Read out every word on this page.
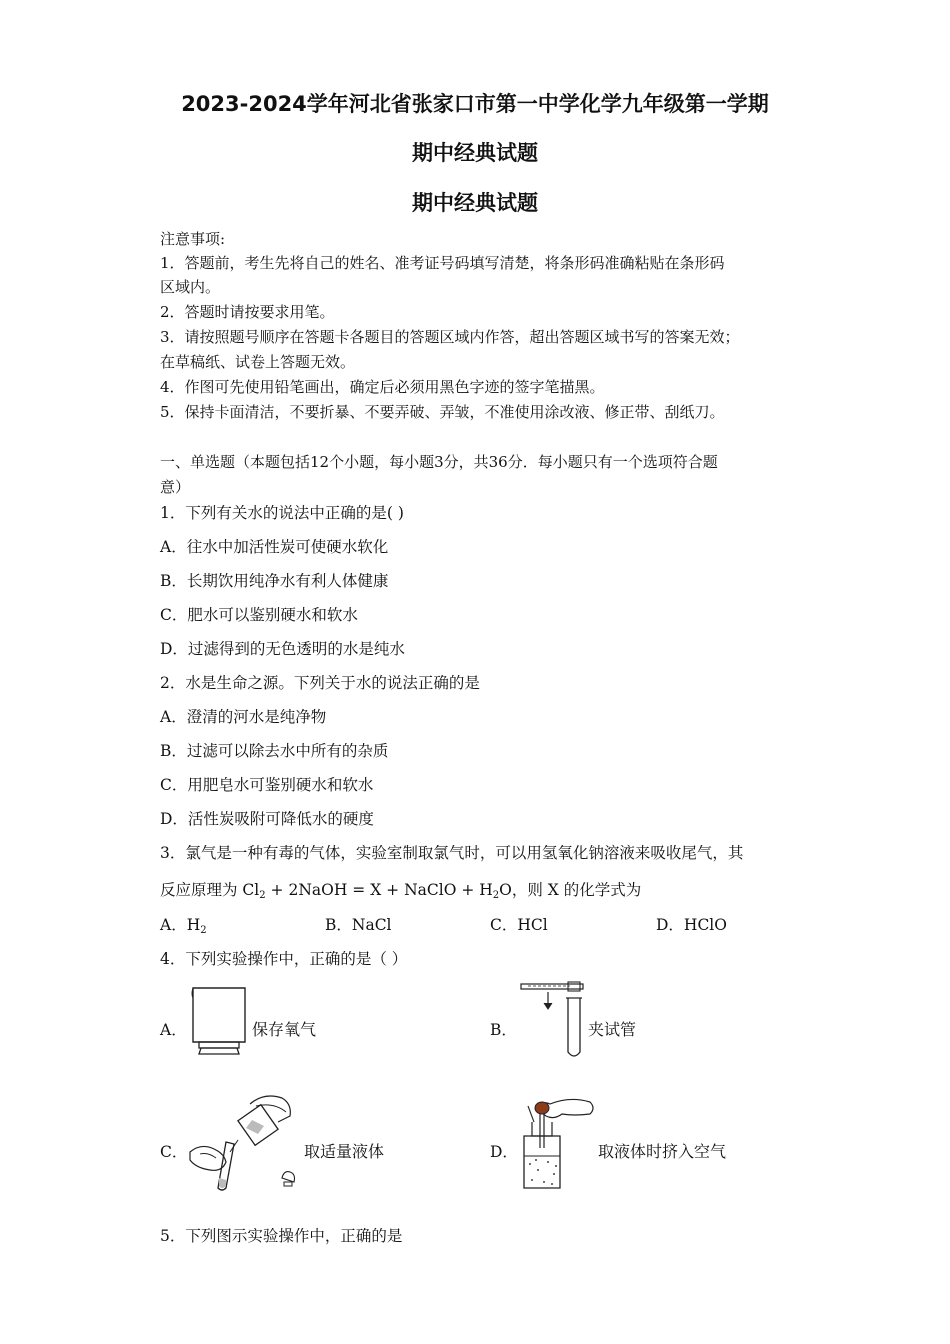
2023-2024学年河北省张家口市第一中学化学九年级第一学期
期中经典试题
期中经典试题
注意事项:
1．答题前，考生先将自己的姓名、准考证号码填写清楚，将条形码准确粘贴在条形码
区域内。
2．答题时请按要求用笔。
3．请按照题号顺序在答题卡各题目的答题区域内作答，超出答题区域书写的答案无效；
在草稿纸、试卷上答题无效。
4．作图可先使用铅笔画出，确定后必须用黑色字迹的签字笔描黑。
5．保持卡面清洁，不要折暴、不要弄破、弄皱，不准使用涂改液、修正带、刮纸刀。
一、单选题（本题包括12个小题，每小题3分，共36分．每小题只有一个选项符合题
意）
1．下列有关水的说法中正确的是( )
A．往水中加活性炭可使硬水软化
B．长期饮用纯净水有利人体健康
C．肥水可以鉴别硬水和软水
D．过滤得到的无色透明的水是纯水
2．水是生命之源。下列关于水的说法正确的是
A．澄清的河水是纯净物
B．过滤可以除去水中所有的杂质
C．用肥皂水可鉴别硬水和软水
D．活性炭吸附可降低水的硬度
3．氯气是一种有毒的气体，实验室制取氯气时，可以用氢氧化钠溶液来吸收尾气，其
反应原理为 $Cl_2$ + 2NaOH = X + NaClO + $H_2O$，则 X 的化学式为
A．$H_2$	B．NaCl	C．HCl	D．HClO
4．下列实验操作中，正确的是（ ）
A．	保存氧气	B．	夹试管
C．	取适量液体	D．	取液体时挤入空气
5．下列图示实验操作中，正确的是
